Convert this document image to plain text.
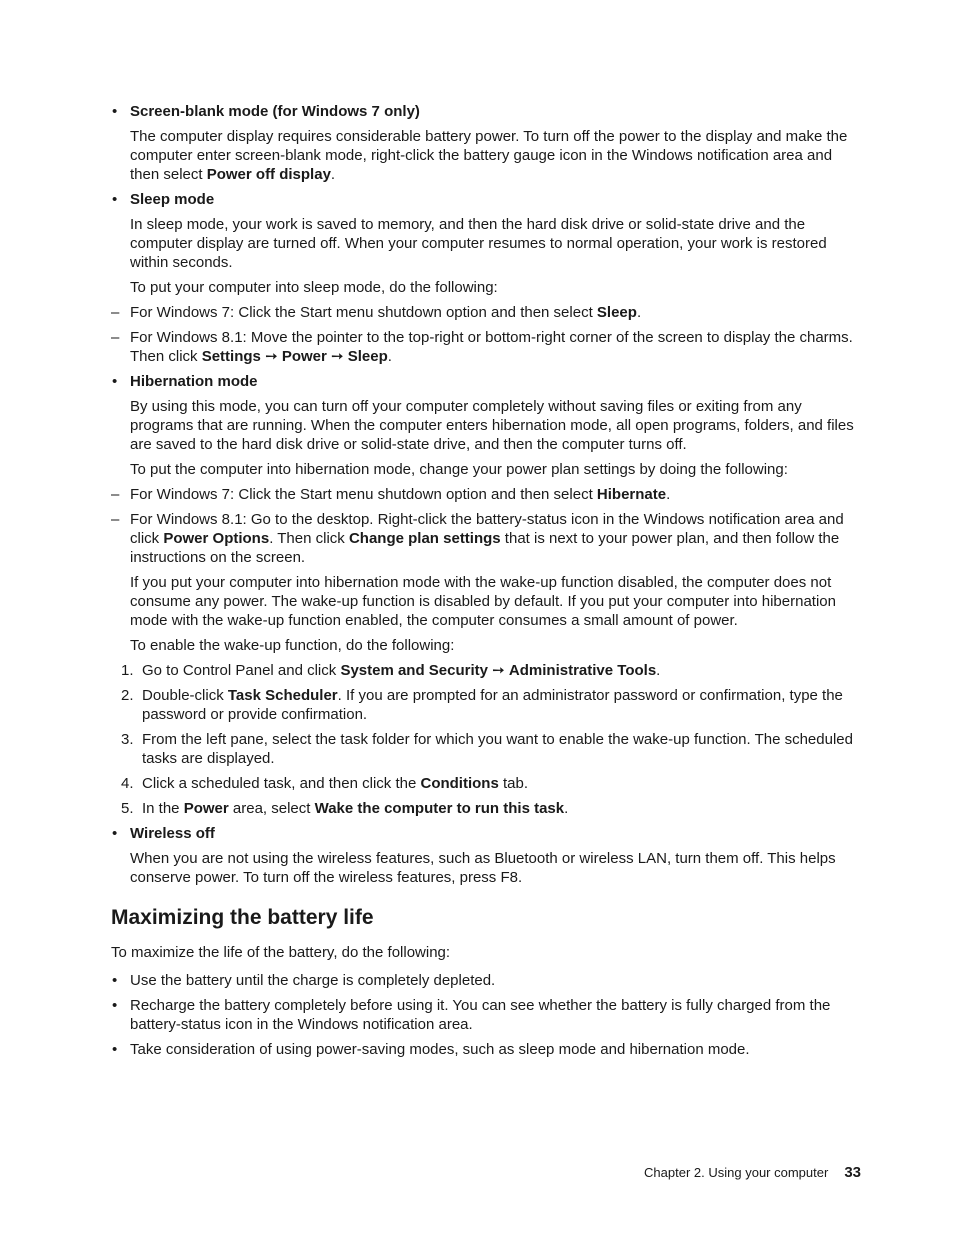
• Screen-blank mode (for Windows 7 only)

The computer display requires considerable battery power. To turn off the power to the display and make the computer enter screen-blank mode, right-click the battery gauge icon in the Windows notification area and then select Power off display.

• Sleep mode

In sleep mode, your work is saved to memory, and then the hard disk drive or solid-state drive and the computer display are turned off. When your computer resumes to normal operation, your work is restored within seconds.

To put your computer into sleep mode, do the following:

– For Windows 7: Click the Start menu shutdown option and then select Sleep.

– For Windows 8.1: Move the pointer to the top-right or bottom-right corner of the screen to display the charms. Then click Settings ➙ Power ➙ Sleep.

• Hibernation mode

By using this mode, you can turn off your computer completely without saving files or exiting from any programs that are running. When the computer enters hibernation mode, all open programs, folders, and files are saved to the hard disk drive or solid-state drive, and then the computer turns off.

To put the computer into hibernation mode, change your power plan settings by doing the following:

– For Windows 7: Click the Start menu shutdown option and then select Hibernate.

– For Windows 8.1: Go to the desktop. Right-click the battery-status icon in the Windows notification area and click Power Options. Then click Change plan settings that is next to your power plan, and then follow the instructions on the screen.

If you put your computer into hibernation mode with the wake-up function disabled, the computer does not consume any power. The wake-up function is disabled by default. If you put your computer into hibernation mode with the wake-up function enabled, the computer consumes a small amount of power.

To enable the wake-up function, do the following:

1. Go to Control Panel and click System and Security ➙ Administrative Tools.

2. Double-click Task Scheduler. If you are prompted for an administrator password or confirmation, type the password or provide confirmation.

3. From the left pane, select the task folder for which you want to enable the wake-up function. The scheduled tasks are displayed.

4. Click a scheduled task, and then click the Conditions tab.

5. In the Power area, select Wake the computer to run this task.

• Wireless off

When you are not using the wireless features, such as Bluetooth or wireless LAN, turn them off. This helps conserve power. To turn off the wireless features, press F8.

Maximizing the battery life

To maximize the life of the battery, do the following:

• Use the battery until the charge is completely depleted.

• Recharge the battery completely before using it. You can see whether the battery is fully charged from the battery-status icon in the Windows notification area.

• Take consideration of using power-saving modes, such as sleep mode and hibernation mode.

Chapter 2. Using your computer 33
